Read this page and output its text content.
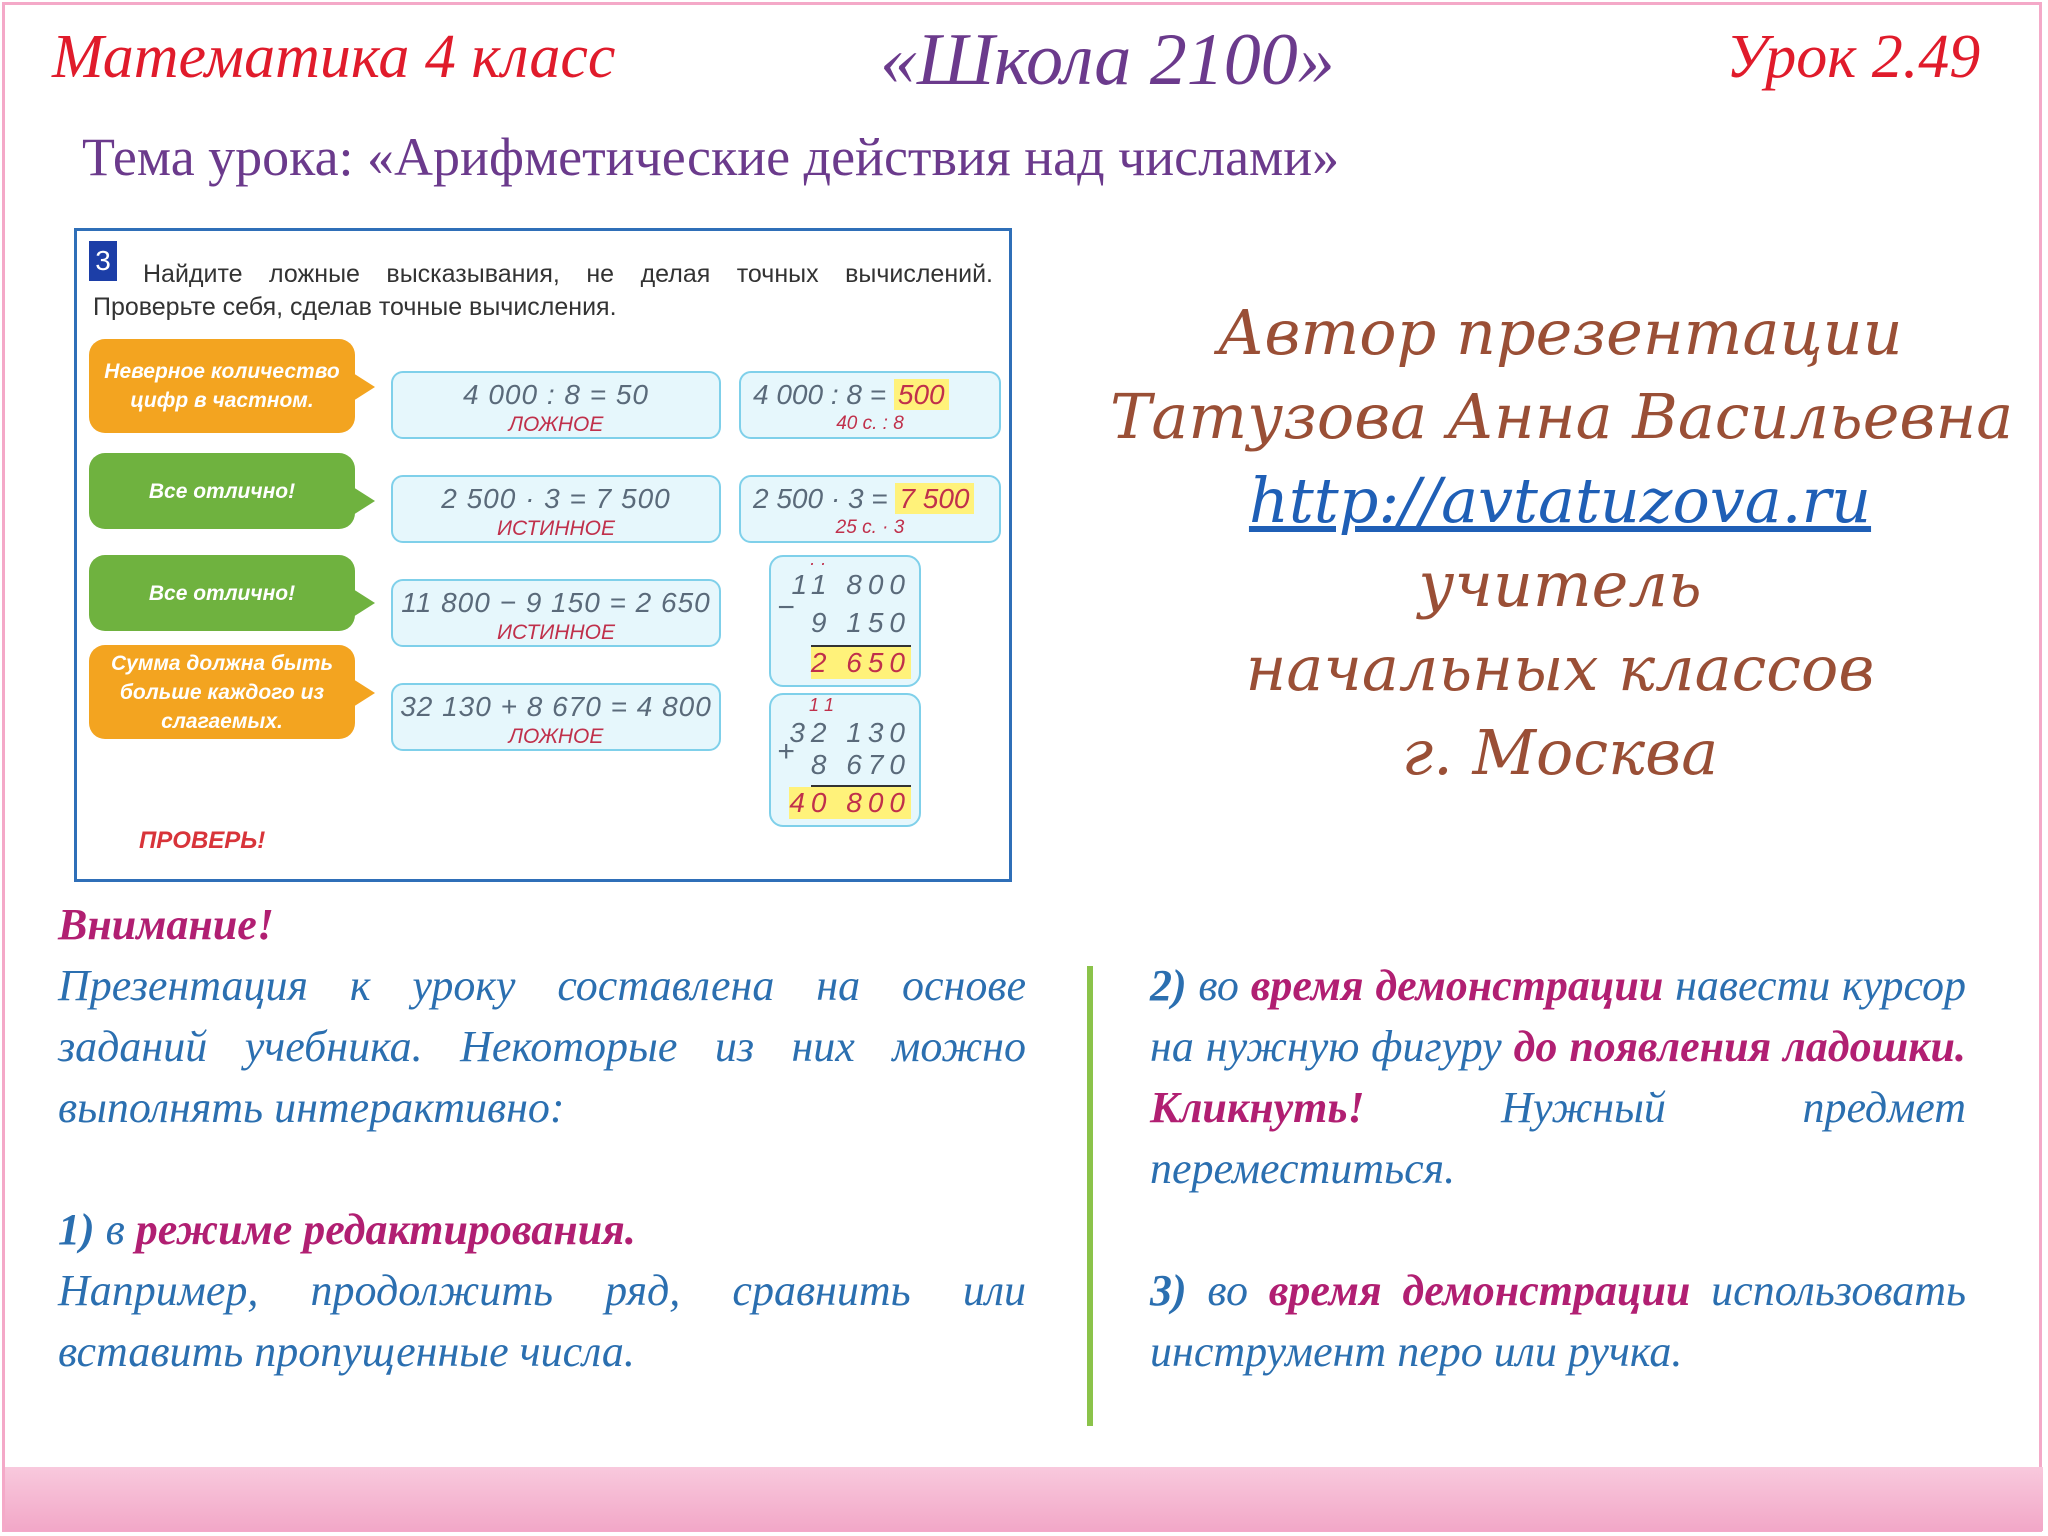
Математика 4 класс	«Школа 2100»	Урок 2.49
Тема урока: «Арифметические действия над числами»
3 Найдите ложные высказывания, не делая точных вычислений.
Проверьте себя, сделав точные вычисления.
Неверное количество цифр в частном.
Все отлично!
Все отлично!
Сумма должна быть больше каждого из слагаемых.
4 000 : 8 = 50
ЛОЖНОЕ
2 500 · 3 = 7 500
ИСТИННОЕ
11 800 − 9 150 = 2 650
ИСТИННОЕ
32 130 + 8 670 = 4 800
ЛОЖНОЕ
4 000 : 8 = 500
40 с. : 8
2 500 · 3 = 7 500
25 с. · 3
· ·
−
11 800
9 150
2 650
1 1
+
32 130
8 670
40 800
ПРОВЕРЬ!
Автор презентации
Татузова Анна Васильевна
http://avtatuzova.ru
учитель
начальных классов
г. Москва
Внимание!

Презентация к уроку составлена на основе заданий учебника. Некоторые из них можно выполнять интерактивно:

1) в режиме редактирования.

Например, продолжить ряд, сравнить или вставить пропущенные числа.

2) во время демонстрации навести курсор на нужную фигуру до появления ладошки. Кликнуть! Нужный предмет переместиться.

3) во время демонстрации использовать инструмент перо или ручка.
